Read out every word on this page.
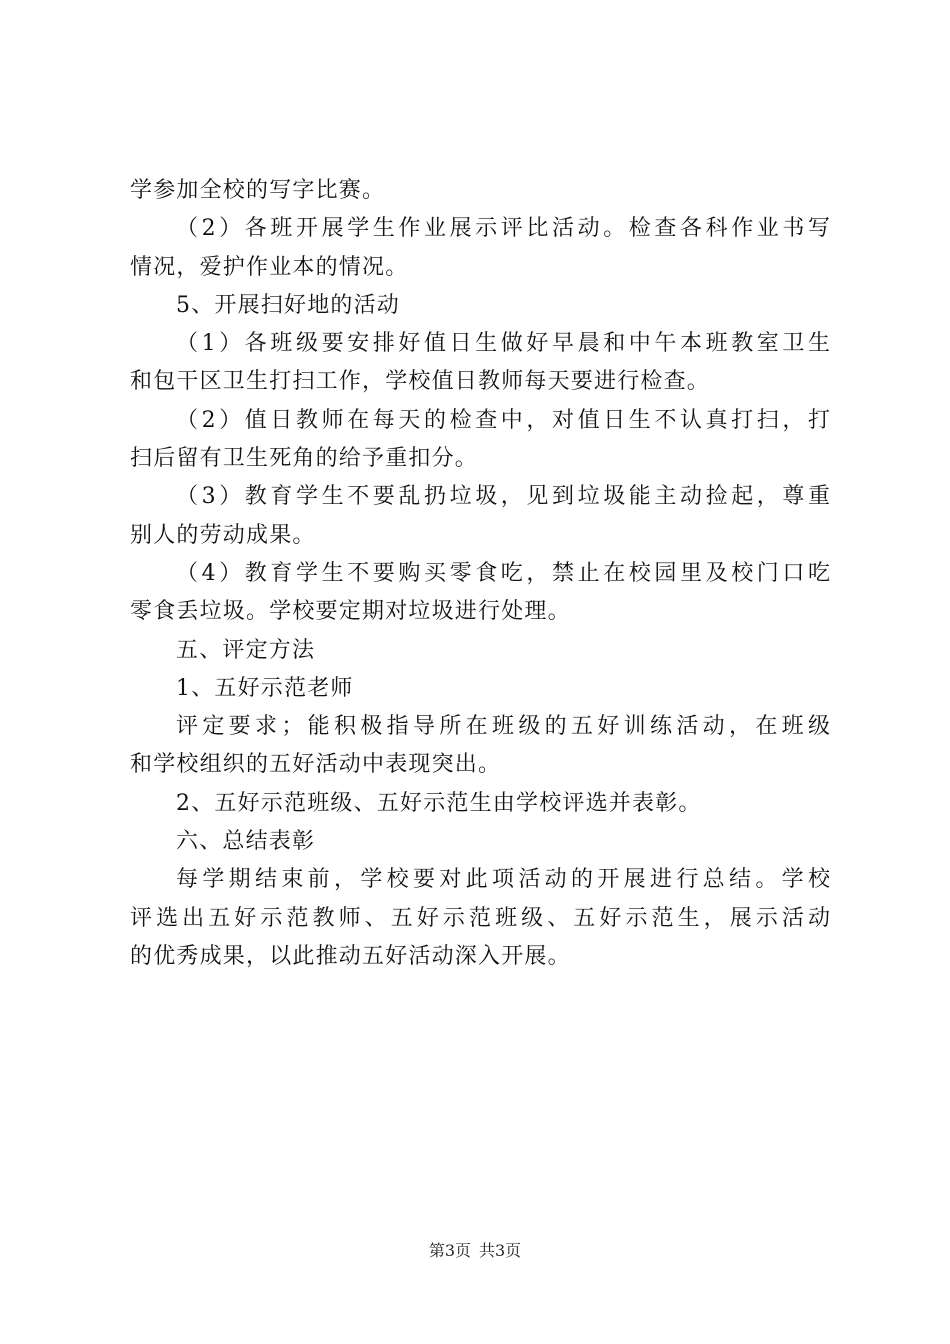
学参加全校的写字比赛。
（2）各班开展学生作业展示评比活动。检查各科作业书写
情况，爱护作业本的情况。
5、开展扫好地的活动
（1）各班级要安排好值日生做好早晨和中午本班教室卫生
和包干区卫生打扫工作，学校值日教师每天要进行检查。
（2）值日教师在每天的检查中，对值日生不认真打扫，打
扫后留有卫生死角的给予重扣分。
（3）教育学生不要乱扔垃圾，见到垃圾能主动捡起，尊重
别人的劳动成果。
（4）教育学生不要购买零食吃，禁止在校园里及校门口吃
零食丢垃圾。学校要定期对垃圾进行处理。
五、评定方法
1、五好示范老师
评定要求；能积极指导所在班级的五好训练活动，在班级
和学校组织的五好活动中表现突出。
2、五好示范班级、五好示范生由学校评选并表彰。
六、总结表彰
每学期结束前，学校要对此项活动的开展进行总结。学校
评选出五好示范教师、五好示范班级、五好示范生，展示活动
的优秀成果，以此推动五好活动深入开展。
第3页 共3页
